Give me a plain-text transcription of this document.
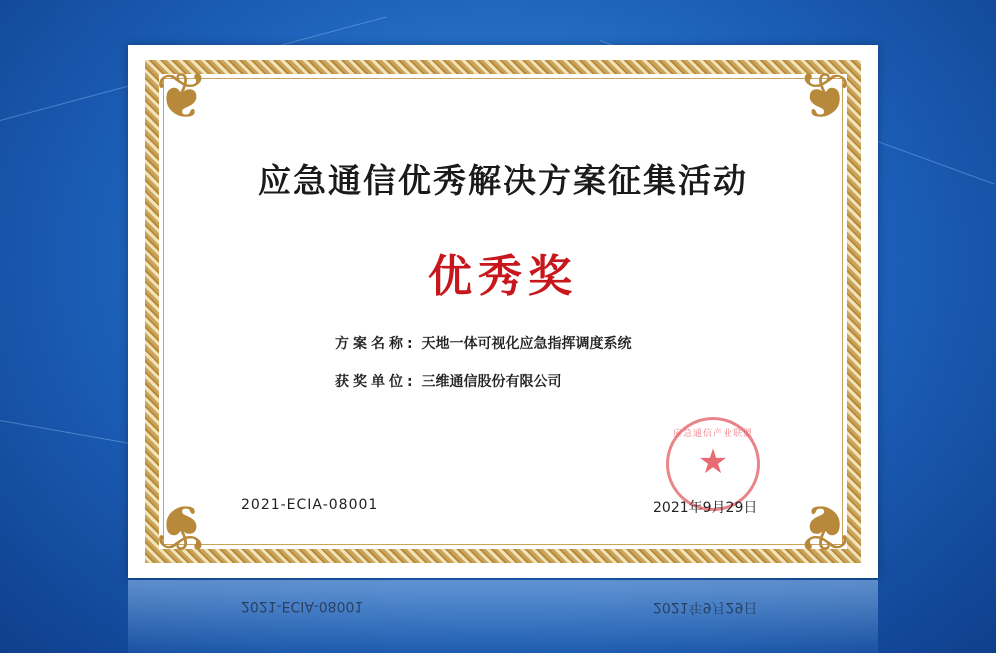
❦	❦
❦	❦
应急通信优秀解决方案征集活动
优秀奖
方案名称: 天地一体可视化应急指挥调度系统
获奖单位: 三维通信股份有限公司
应急通信产业联盟
★
2021-ECIA-08001	2021年9月29日
2021-ECIA-08001	2021年9月29日
